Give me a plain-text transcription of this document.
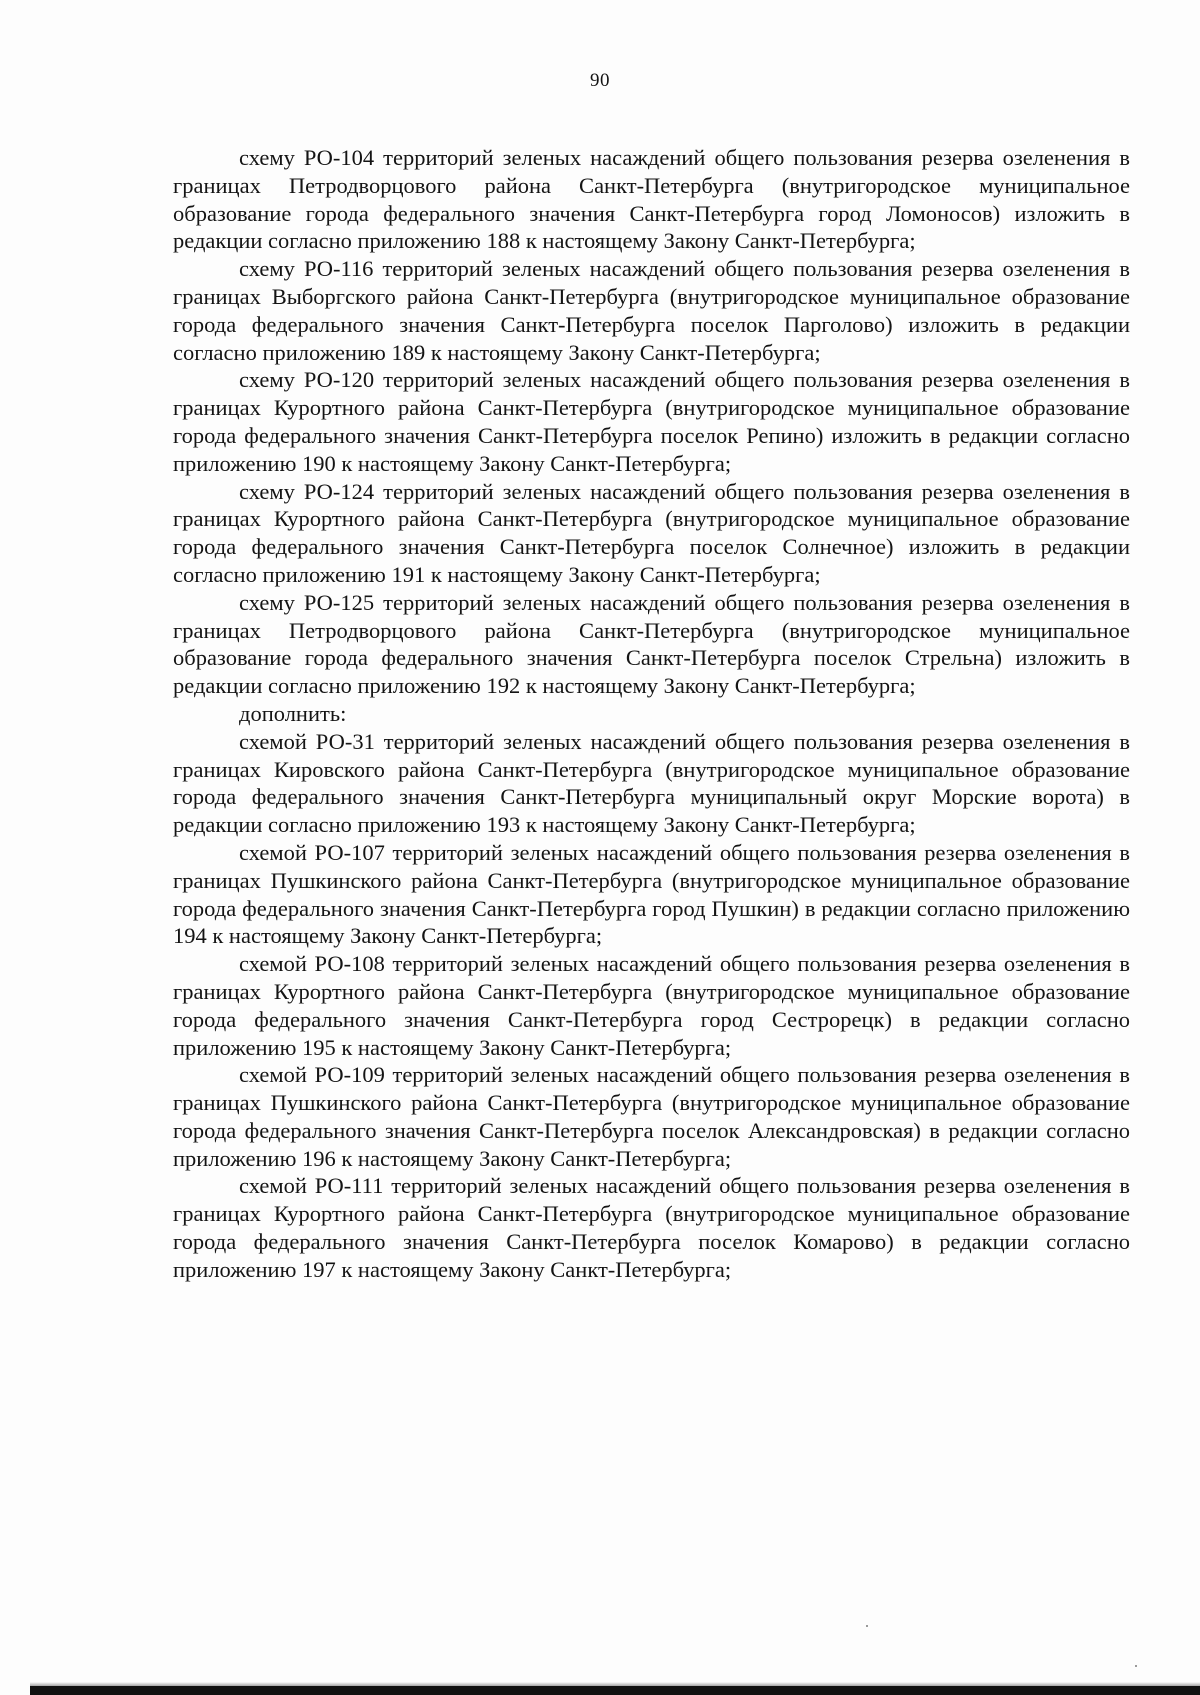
90

схему РО-104 территорий зеленых насаждений общего пользования резерва озеленения в границах Петродворцового района Санкт-Петербурга (внутригородское муниципальное образование города федерального значения Санкт-Петербурга город Ломоносов) изложить в редакции согласно приложению 188 к настоящему Закону Санкт-Петербурга;

схему РО-116 территорий зеленых насаждений общего пользования резерва озеленения в границах Выборгского района Санкт-Петербурга (внутригородское муниципальное образование города федерального значения Санкт-Петербурга поселок Парголово) изложить в редакции согласно приложению 189 к настоящему Закону Санкт-Петербурга;

схему РО-120 территорий зеленых насаждений общего пользования резерва озеленения в границах Курортного района Санкт-Петербурга (внутригородское муниципальное образование города федерального значения Санкт-Петербурга поселок Репино) изложить в редакции согласно приложению 190 к настоящему Закону Санкт-Петербурга;

схему РО-124 территорий зеленых насаждений общего пользования резерва озеленения в границах Курортного района Санкт-Петербурга (внутригородское муниципальное образование города федерального значения Санкт-Петербурга поселок Солнечное) изложить в редакции согласно приложению 191 к настоящему Закону Санкт-Петербурга;

схему РО-125 территорий зеленых насаждений общего пользования резерва озеленения в границах Петродворцового района Санкт-Петербурга (внутригородское муниципальное образование города федерального значения Санкт-Петербурга поселок Стрельна) изложить в редакции согласно приложению 192 к настоящему Закону Санкт-Петербурга;

дополнить:

схемой РО-31 территорий зеленых насаждений общего пользования резерва озеленения в границах Кировского района Санкт-Петербурга (внутригородское муниципальное образование города федерального значения Санкт-Петербурга муниципальный округ Морские ворота) в редакции согласно приложению 193 к настоящему Закону Санкт-Петербурга;

схемой РО-107 территорий зеленых насаждений общего пользования резерва озеленения в границах Пушкинского района Санкт-Петербурга (внутригородское муниципальное образование города федерального значения Санкт-Петербурга город Пушкин) в редакции согласно приложению 194 к настоящему Закону Санкт-Петербурга;

схемой РО-108 территорий зеленых насаждений общего пользования резерва озеленения в границах Курортного района Санкт-Петербурга (внутригородское муниципальное образование города федерального значения Санкт-Петербурга город Сестрорецк) в редакции согласно приложению 195 к настоящему Закону Санкт-Петербурга;

схемой РО-109 территорий зеленых насаждений общего пользования резерва озеленения в границах Пушкинского района Санкт-Петербурга (внутригородское муниципальное образование города федерального значения Санкт-Петербурга поселок Александровская) в редакции согласно приложению 196 к настоящему Закону Санкт-Петербурга;

схемой РО-111 территорий зеленых насаждений общего пользования резерва озеленения в границах Курортного района Санкт-Петербурга (внутригородское муниципальное образование города федерального значения Санкт-Петербурга поселок Комарово) в редакции согласно приложению 197 к настоящему Закону Санкт-Петербурга;
